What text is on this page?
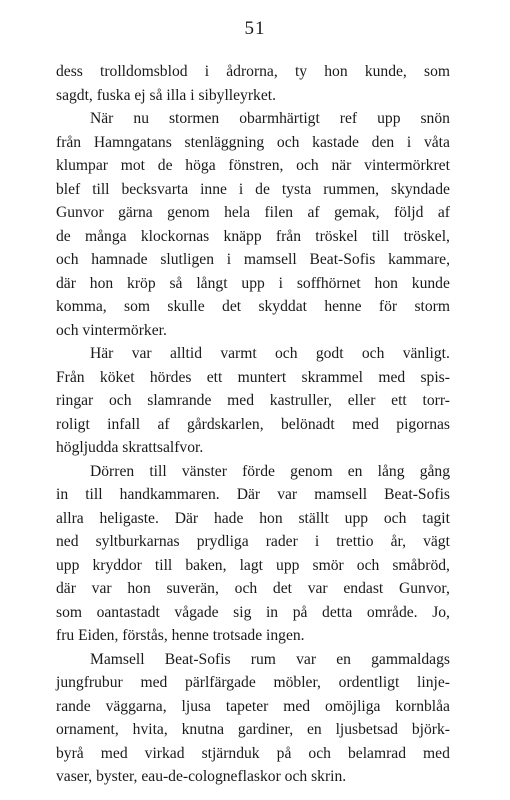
51
dess trolldomsblod i ådrorna, ty hon kunde, som
sagdt, fuska ej så illa i sibylleyrket.
När nu stormen obarmhärtigt ref upp snön
från Hamngatans stenläggning och kastade den i våta
klumpar mot de höga fönstren, och när vintermörkret
blef till becksvarta inne i de tysta rummen, skyndade
Gunvor gärna genom hela filen af gemak, följd af
de många klockornas knäpp från tröskel till tröskel,
och hamnade slutligen i mamsell Beat-Sofis kammare,
där hon kröp så långt upp i soffhörnet hon kunde
komma, som skulle det skyddat henne för storm
och vintermörker.
Här var alltid varmt och godt och vänligt.
Från köket hördes ett muntert skrammel med spis-
ringar och slamrande med kastruller, eller ett torr-
roligt infall af gårdskarlen, belönadt med pigornas
högljudda skrattsalfvor.
Dörren till vänster förde genom en lång gång
in till handkammaren. Där var mamsell Beat-Sofis
allra heligaste. Där hade hon ställt upp och tagit
ned syltburkarnas prydliga rader i trettio år, vägt
upp kryddor till baken, lagt upp smör och småbröd,
där var hon suverän, och det var endast Gunvor,
som oantastadt vågade sig in på detta område. Jo,
fru Eiden, förstås, henne trotsade ingen.
Mamsell Beat-Sofis rum var en gammaldags
jungfrubur med pärlfärgade möbler, ordentligt linje-
rande väggarna, ljusa tapeter med omöjliga kornblåa
ornament, hvita, knutna gardiner, en ljusbetsad björk-
byrå med virkad stjärnduk på och belamrad med
vaser, byster, eau-de-cologneflaskor och skrin.
